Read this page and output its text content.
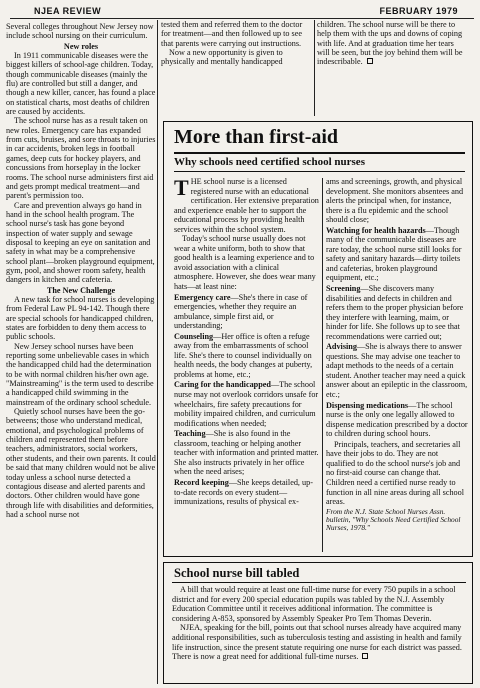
NJEA REVIEW	FEBRUARY 1979

Several colleges throughout New Jersey now include school nursing on their curriculum.

New roles

In 1911 communicable diseases were the biggest killers of school-age children. Today, though communicable diseases (mainly the flu) are controlled but still a danger, and though a new killer, cancer, has found a place on statistical charts, most deaths of children are caused by accidents.

The school nurse has as a result taken on new roles. Emergency care has expanded from cuts, bruises, and sore throats to injuries in car accidents, broken legs in football games, deep cuts for hockey players, and concussions from horseplay in the locker rooms. The school nurse administers first aid and gets prompt medical treatment—and parent's permission too.

Care and prevention always go hand in hand in the school health program. The school nurse's task has gone beyond inspection of water supply and sewage disposal to keeping an eye on sanitation and safety in what may be a comprehensive school plant—broken playground equipment, gym, pool, and shower room safety, health dangers in kitchen and cafeteria.

The New Challenge

A new task for school nurses is developing from Federal Law PL 94-142. Though there are special schools for handicapped children, states are forbidden to deny them access to public schools.

New Jersey school nurses have been reporting some unbelievable cases in which the handicapped child had the determination to be with normal children his/her own age. "Mainstreaming" is the term used to describe a handicapped child swimming in the mainstream of the ordinary school schedule.

Quietly school nurses have been the go-betweens; those who understand medical, emotional, and psychological problems of children and represented them before teachers, administrators, social workers, other students, and their own parents. It could be said that many children would not be alive today unless a school nurse detected a contagious disease and alerted parents and doctors. Other children would have gone through life with disabilities and deformities, had a school nurse not

tested them and referred them to the doctor for treatment—and then followed up to see that parents were carrying out instructions.

Now a new opportunity is given to physically and mentally handicapped

children. The school nurse will be there to help them with the ups and downs of coping with life. And at graduation time her tears will be seen, but the joy behind them will be indescribable.

More than first-aid
Why schools need certified school nurses

THE school nurse is a licensed registered nurse with an educational certification. Her extensive preparation and experience enable her to support the educational process by providing health services within the school system.

Today's school nurse usually does not wear a white uniform, both to show that good health is a learning experience and to avoid association with a clinical atmosphere. However, she does wear many hats—at least nine:

Emergency care—She's there in case of emergencies, whether they require an ambulance, simple first aid, or understanding;

Counseling—Her office is often a refuge away from the embarrassments of school life. She's there to counsel individually on health needs, the body changes at puberty, problems at home, etc.;

Caring for the handicapped—The school nurse may not overlook corridors unsafe for wheelchairs, fire safety precautions for mobility impaired children, and curriculum modifications when needed;

Teaching—She is also found in the classroom, teaching or helping another teacher with information and printed matter. She also instructs privately in her office when the need arises;

Record keeping—She keeps detailed, up-to-date records on every student—immunizations, results of physical ex-

ams and screenings, growth, and physical development. She monitors absentees and alerts the principal when, for instance, there is a flu epidemic and the school should close;

Watching for health hazards—Though many of the communicable diseases are rare today, the school nurse still looks for safety and sanitary hazards—dirty toilets and cafeterias, broken playground equipment, etc.;

Screening—She discovers many disabilities and defects in children and refers them to the proper physician before they interfere with learning, maim, or hinder for life. She follows up to see that recommendations were carried out;

Advising—She is always there to answer questions. She may advise one teacher to adapt methods to the needs of a certain student. Another teacher may need a quick answer about an epileptic in the classroom, etc.;

Dispensing medications—The school nurse is the only one legally allowed to dispense medication prescribed by a doctor to children during school hours.

Principals, teachers, and secretaries all have their jobs to do. They are not qualified to do the school nurse's job and no first-aid course can change that. Children need a certified nurse ready to function in all nine areas during all school areas.

From the N.J. State School Nurses Assn. bulletin, "Why Schools Need Certified School Nurses, 1978."

School nurse bill tabled

A bill that would require at least one full-time nurse for every 750 pupils in a school district and for every 200 special education pupils was tabled by the N.J. Assembly Education Committee until it receives additional information. The committee is considering A-853, sponsored by Assembly Speaker Pro Tem Thomas Deverin.

NJEA, speaking for the bill, points out that school nurses already have acquired many additional responsibilities, such as tuberculosis testing and assisting in health and family life instruction, since the present statute requiring one nurse for each district was passed. There is now a great need for additional full-time nurses.
